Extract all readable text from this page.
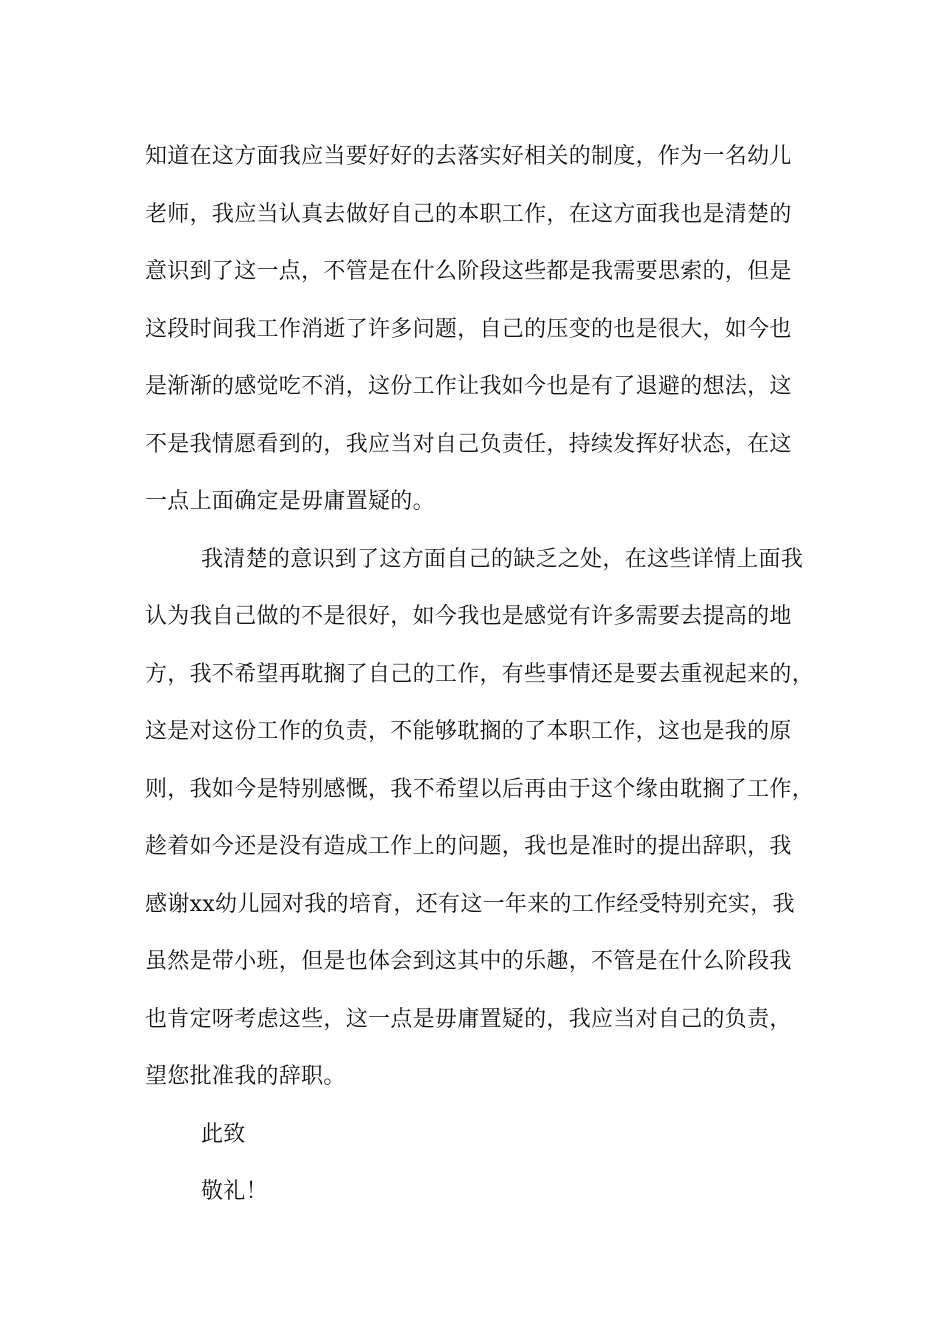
知道在这方面我应当要好好的去落实好相关的制度，作为一名幼儿
老师，我应当认真去做好自己的本职工作，在这方面我也是清楚的
意识到了这一点，不管是在什么阶段这些都是我需要思索的，但是
这段时间我工作消逝了许多问题，自己的压变的也是很大，如今也
是渐渐的感觉吃不消，这份工作让我如今也是有了退避的想法，这
不是我情愿看到的，我应当对自己负责任，持续发挥好状态，在这
一点上面确定是毋庸置疑的。
我清楚的意识到了这方面自己的缺乏之处，在这些详情上面我
认为我自己做的不是很好，如今我也是感觉有许多需要去提高的地
方，我不希望再耽搁了自己的工作，有些事情还是要去重视起来的，
这是对这份工作的负责，不能够耽搁的了本职工作，这也是我的原
则，我如今是特别感慨，我不希望以后再由于这个缘由耽搁了工作，
趁着如今还是没有造成工作上的问题，我也是准时的提出辞职，我
感谢xx幼儿园对我的培育，还有这一年来的工作经受特别充实，我
虽然是带小班，但是也体会到这其中的乐趣，不管是在什么阶段我
也肯定呀考虑这些，这一点是毋庸置疑的，我应当对自己的负责，
望您批准我的辞职。
此致
敬礼！
